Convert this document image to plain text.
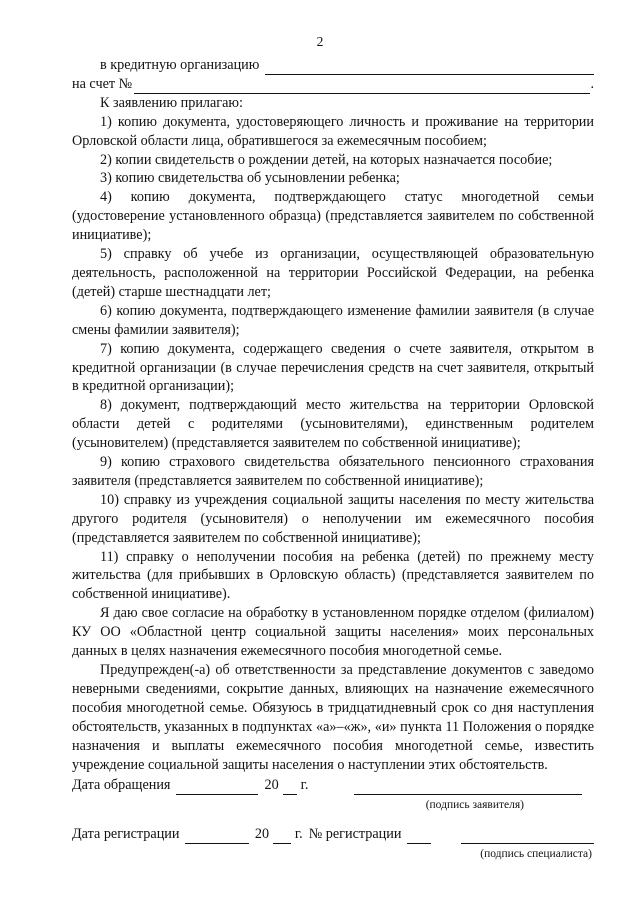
2
в кредитную организацию
на счет №	.
К заявлению прилагаю:

1) копию документа, удостоверяющего личность и проживание на территории Орловской области лица, обратившегося за ежемесячным пособием;

2) копии свидетельств о рождении детей, на которых назначается пособие;

3) копию свидетельства об усыновлении ребенка;

4) копию документа, подтверждающего статус многодетной семьи (удостоверение установленного образца) (представляется заявителем по собственной инициативе);

5) справку об учебе из организации, осуществляющей образовательную деятельность, расположенной на территории Российской Федерации, на ребенка (детей) старше шестнадцати лет;

6) копию документа, подтверждающего изменение фамилии заявителя (в случае смены фамилии заявителя);

7) копию документа, содержащего сведения о счете заявителя, открытом в кредитной организации (в случае перечисления средств на счет заявителя, открытый в кредитной организации);

8) документ, подтверждающий место жительства на территории Орловской области детей с родителями (усыновителями), единственным родителем (усыновителем) (представляется заявителем по собственной инициативе);

9) копию страхового свидетельства обязательного пенсионного страхования заявителя (представляется заявителем по собственной инициативе);

10) справку из учреждения социальной защиты населения по месту жительства другого родителя (усыновителя) о неполучении им ежемесячного пособия (представляется заявителем по собственной инициативе);

11) справку о неполучении пособия на ребенка (детей) по прежнему месту жительства (для прибывших в Орловскую область) (представляется заявителем по собственной инициативе).

Я даю свое согласие на обработку в установленном порядке отделом (филиалом) КУ ОО «Областной центр социальной защиты населения» моих персональных данных в целях назначения ежемесячного пособия многодетной семье.

Предупрежден(-а) об ответственности за представление документов с заведомо неверными сведениями, сокрытие данных, влияющих на назначение ежемесячного пособия многодетной семье. Обязуюсь в тридцатидневный срок со дня наступления обстоятельств, указанных в подпунктах «а»–«ж», «и» пункта 11 Положения о порядке назначения и выплаты ежемесячного пособия многодетной семье, известить учреждение социальной защиты населения о наступлении этих обстоятельств.

Дата обращения	20 г.
(подпись заявителя)
Дата регистрации	20 г. № регистрации
(подпись специалиста)
